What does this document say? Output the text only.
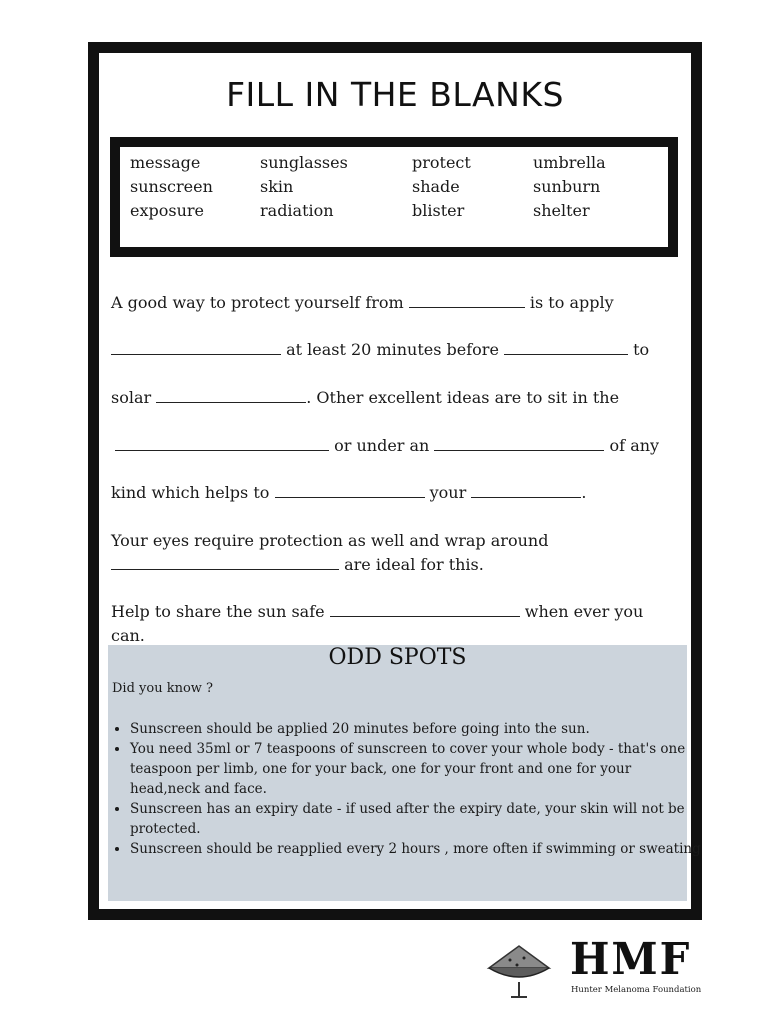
FILL IN THE BLANKS
message	sunglasses	protect	umbrella
sunscreen	skin	shade	sunburn
exposure	radiation	blister	shelter
A good way to protect yourself from	is to apply
at least 20 minutes before	to
solar	. Other excellent ideas are to sit in the
or under an	of any
kind which helps to	your	.
Your eyes require protection as well and wrap around
are ideal for this.
Help to share the sun safe	when ever you
can.
ODD SPOTS
Did you know ?
• Sunscreen should be applied 20 minutes before going into the sun.
• You need 35ml or 7 teaspoons of sunscreen to cover your whole body - that's one teaspoon per limb, one for your back, one for your front and one for your head,neck and face.
• Sunscreen has an expiry date - if used after the expiry date, your skin will not be protected.
• Sunscreen should be reapplied every 2 hours , more often if swimming or sweating
HMF
Hunter Melanoma Foundation
